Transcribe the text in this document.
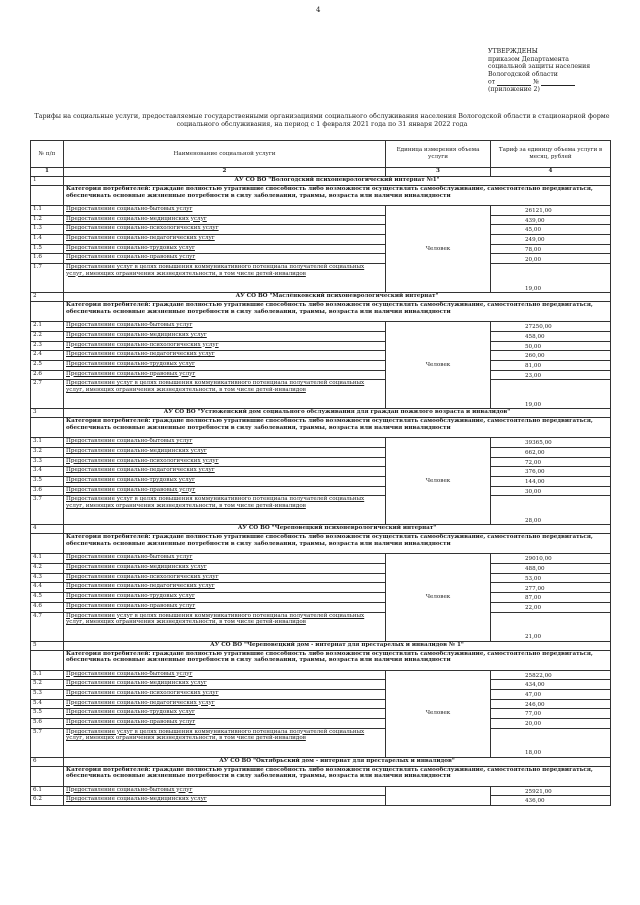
4
УТВЕРЖДЕНЫ
приказом Департамента
социальной защиты населения
Вологодской области
от	№
(приложение 2)
Тарифы на социальные услуги, предоставляемые государственными организациями социального обслуживания населения Вологодской области в стационарной форме социального обслуживания, на период с 1 февраля 2021 года по 31 января 2022 года
№ п/п	Наименование социальной услуги	Единица измерения объема услуги	Тариф за единицу объема услуги в месяц, рублей
1	2	3	4
1	АУ СО ВО "Вологодский психоневрологический интернат №1"		
	Категория потребителей: граждане полностью утратившие способность либо возможности осуществлять самообслуживание, самостоятельно передвигаться, обеспечивать основные жизненные потребности в силу заболевания, травмы, возраста или наличия инвалидности		
1.1	Предоставление социально-бытовых услуг	Человек	26121,00
1.2	Предоставление социально-медицинских услуг		439,00
1.3	Предоставление социально-психологических услуг		45,00
1.4	Предоставление социально-педагогических услуг		249,00
1.5	Предоставление социально-трудовых услуг		78,00
1.6	Предоставление социально-правовых услуг		20,00
1.7	Предоставление услуг в целях повышения коммуникативного потенциала получателей социальных услуг, имеющих ограничения жизнедеятельности, в том числе детей-инвалидов		19,00
2	АУ СО ВО "Маслёнковский психоневрологический интернат"		
	Категория потребителей: граждане полностью утратившие способность либо возможности осуществлять самообслуживание, самостоятельно передвигаться, обеспечивать основные жизненные потребности в силу заболевания, травмы, возраста или наличия инвалидности		
2.1	Предоставление социально-бытовых услуг	Человек	27250,00
2.2	Предоставление социально-медицинских услуг		458,00
2.3	Предоставление социально-психологических услуг		50,00
2.4	Предоставление социально-педагогических услуг		260,00
2.5	Предоставление социально-трудовых услуг		81,00
2.6	Предоставление социально-правовых услуг		23,00
2.7	Предоставление услуг в целях повышения коммуникативного потенциала получателей социальных услуг, имеющих ограничения жизнедеятельности, в том числе детей-инвалидов		19,00
3	АУ СО ВО "Устюженский дом социального обслуживания для граждан пожилого возраста и инвалидов"		
	Категория потребителей: граждане полностью утратившие способность либо возможности осуществлять самообслуживание, самостоятельно передвигаться, обеспечивать основные жизненные потребности в силу заболевания, травмы, возраста или наличия инвалидности		
3.1	Предоставление социально-бытовых услуг	Человек	39365,00
3.2	Предоставление социально-медицинских услуг		662,00
3.3	Предоставление социально-психологических услуг		72,00
3.4	Предоставление социально-педагогических услуг		376,00
3.5	Предоставление социально-трудовых услуг		144,00
3.6	Предоставление социально-правовых услуг		30,00
3.7	Предоставление услуг в целях повышения коммуникативного потенциала получателей социальных услуг, имеющих ограничения жизнедеятельности, в том числе детей-инвалидов		28,00
4	АУ СО ВО "Череповецкий психоневрологический интернат"		
	Категория потребителей: граждане полностью утратившие способность либо возможности осуществлять самообслуживание, самостоятельно передвигаться, обеспечивать основные жизненные потребности в силу заболевания, травмы, возраста или наличия инвалидности		
4.1	Предоставление социально-бытовых услуг	Человек	29010,00
4.2	Предоставление социально-медицинских услуг		488,00
4.3	Предоставление социально-психологических услуг		53,00
4.4	Предоставление социально-педагогических услуг		277,00
4.5	Предоставление социально-трудовых услуг		87,00
4.6	Предоставление социально-правовых услуг		22,00
4.7	Предоставление услуг в целях повышения коммуникативного потенциала получателей социальных услуг, имеющих ограничения жизнедеятельности, в том числе детей-инвалидов		21,00
5	АУ СО ВО "Череповецкий дом - интернат для престарелых и инвалидов № 1"		
	Категория потребителей: граждане полностью утратившие способность либо возможности осуществлять самообслуживание, самостоятельно передвигаться, обеспечивать основные жизненные потребности в силу заболевания, травмы, возраста или наличия инвалидности		
5.1	Предоставление социально-бытовых услуг	Человек	25822,00
5.2	Предоставление социально-медицинских услуг		434,00
5.3	Предоставление социально-психологических услуг		47,00
5.4	Предоставление социально-педагогических услуг		246,00
5.5	Предоставление социально-трудовых услуг		77,00
5.6	Предоставление социально-правовых услуг		20,00
5.7	Предоставление услуг в целях повышения коммуникативного потенциала получателей социальных услуг, имеющих ограничения жизнедеятельности, в том числе детей-инвалидов		18,00
6	АУ СО ВО "Октябрьский дом - интернат для престарелых и инвалидов"		
	Категория потребителей: граждане полностью утратившие способность либо возможности осуществлять самообслуживание, самостоятельно передвигаться, обеспечивать основные жизненные потребности в силу заболевания, травмы, возраста или наличия инвалидности		
6.1	Предоставление социально-бытовых услуг		25921,00
6.2	Предоставление социально-медицинских услуг		436,00
